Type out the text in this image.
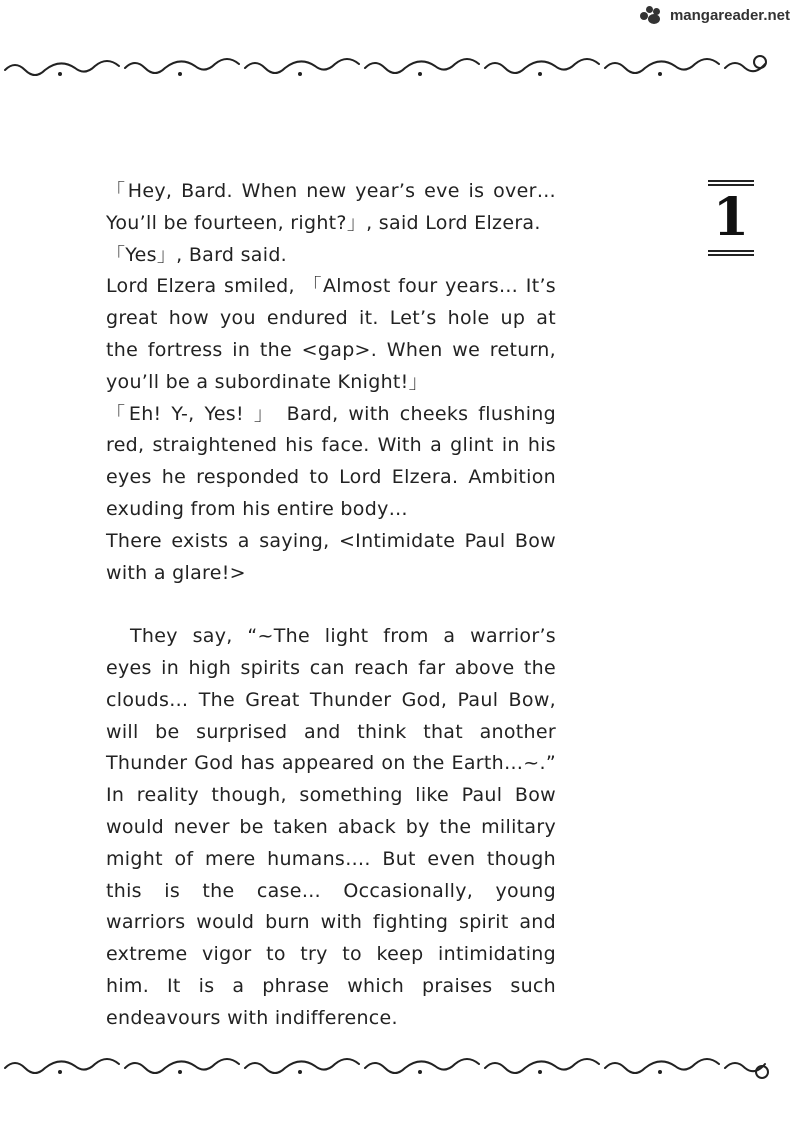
mangareader.net
1

「Hey, Bard. When new year’s eve is over… You’ll be fourteen, right?」, said Lord Elzera.

「Yes」, Bard said.

Lord Elzera smiled, 「Almost four years… It’s great how you endured it. Let’s hole up at the fortress in the <gap>. When we return, you’ll be a subordinate Knight!」

「Eh! Y-, Yes! 」 Bard, with cheeks flushing red, straightened his face. With a glint in his eyes he responded to Lord Elzera. Ambition exuding from his entire body…

There exists a saying, <Intimidate Paul Bow with a glare!>

They say, “~The light from a warrior’s eyes in high spirits can reach far above the clouds… The Great Thunder God, Paul Bow, will be surprised and think that another Thunder God has appeared on the Earth…~.” In reality though, something like Paul Bow would never be taken aback by the military might of mere humans…. But even though this is the case… Occasionally, young warriors would burn with fighting spirit and extreme vigor to try to keep intimidating him. It is a phrase which praises such endeavours with indifference.
